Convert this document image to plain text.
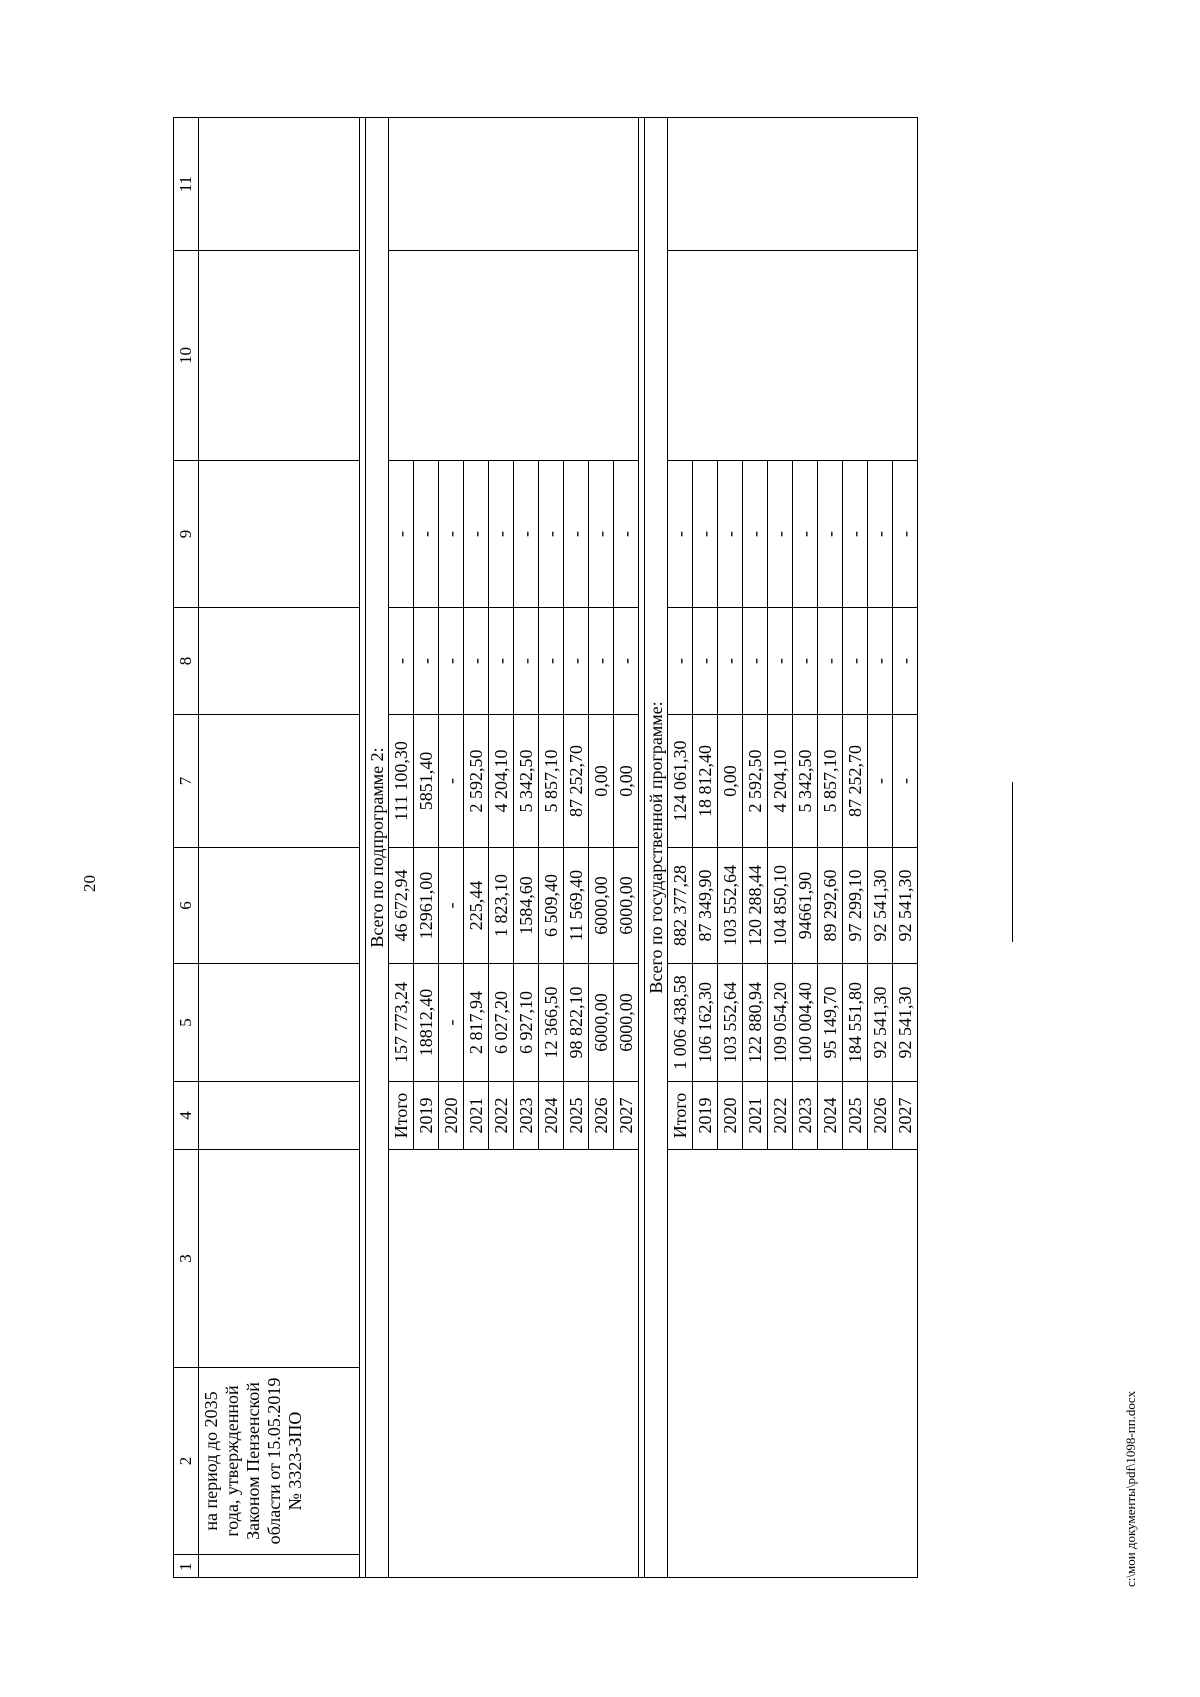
20
1	2	3	4	5	6	7	8	9	10	11
	на период до 2035 года, утвержденной Законом Пензенской области от 15.05.2019 № 3323-ЗПО									

Всего по подпрограмме 2:										
			Итого	157 773,24	46 672,94	111 100,30	-	-		
			2019	18812,40	12961,00	5851,40	-	-		
			2020	-	-	-	-	-		
			2021	2 817,94	225,44	2 592,50	-	-		
			2022	6 027,20	1 823,10	4 204,10	-	-		
			2023	6 927,10	1584,60	5 342,50	-	-		
			2024	12 366,50	6 509,40	5 857,10	-	-		
			2025	98 822,10	11 569,40	87 252,70	-	-		
			2026	6000,00	6000,00	0,00	-	-		
			2027	6000,00	6000,00	0,00	-	-		

Всего по государственной программе:										
			Итого	1 006 438,58	882 377,28	124 061,30	-	-		
			2019	106 162,30	87 349,90	18 812,40	-	-		
			2020	103 552,64	103 552,64	0,00	-	-		
			2021	122 880,94	120 288,44	2 592,50	-	-		
			2022	109 054,20	104 850,10	4 204,10	-	-		
			2023	100 004,40	94661,90	5 342,50	-	-		
			2024	95 149,70	89 292,60	5 857,10	-	-		
			2025	184 551,80	97 299,10	87 252,70	-	-		
			2026	92 541,30	92 541,30	-	-	-		
			2027	92 541,30	92 541,30	-	-	-		
c:\мои документы\pdf\1098-пп.docx
